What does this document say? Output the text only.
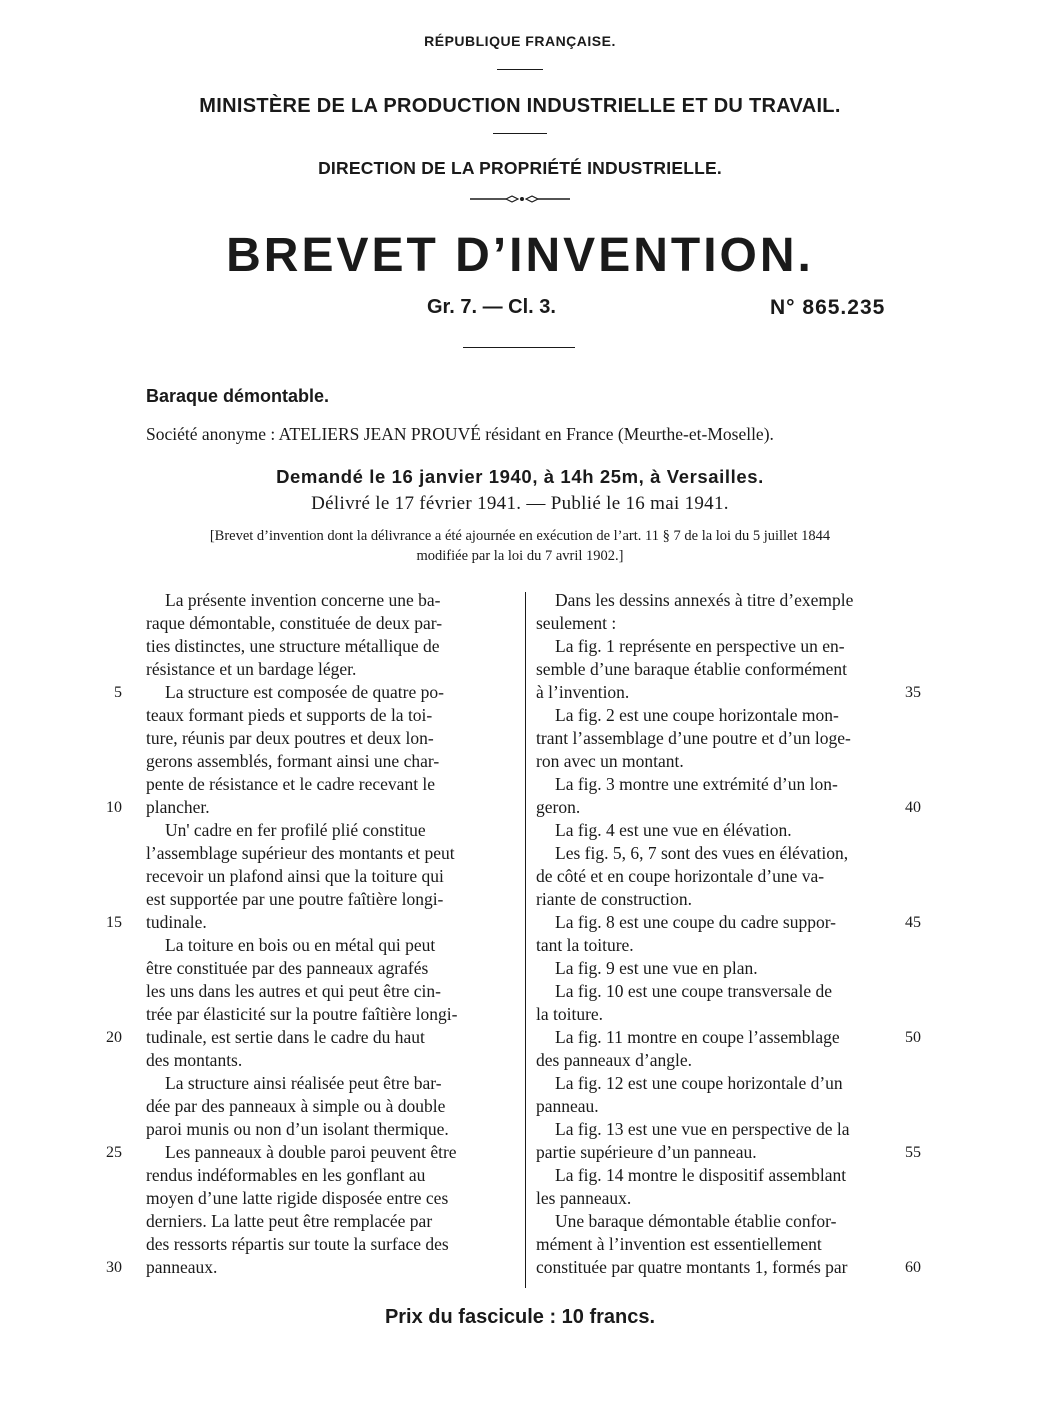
RÉPUBLIQUE FRANÇAISE.
MINISTÈRE DE LA PRODUCTION INDUSTRIELLE ET DU TRAVAIL.
DIRECTION DE LA PROPRIÉTÉ INDUSTRIELLE.
BREVET D’INVENTION.
Gr. 7. — Cl. 3.	N° 865.235
Baraque démontable.
Société anonyme : ATELIERS JEAN PROUVÉ résidant en France (Meurthe-et-Moselle).
Demandé le 16 janvier 1940, à 14h 25m, à Versailles.
Délivré le 17 février 1941. — Publié le 16 mai 1941.
[Brevet d’invention dont la délivrance a été ajournée en exécution de l’art. 11 § 7 de la loi du 5 juillet 1844
modifiée par la loi du 7 avril 1902.]
La présente invention concerne une ba-
raque démontable, constituée de deux par-
ties distinctes, une structure métallique de
résistance et un bardage léger.
La structure est composée de quatre po-
teaux formant pieds et supports de la toi-
ture, réunis par deux poutres et deux lon-
gerons assemblés, formant ainsi une char-
pente de résistance et le cadre recevant le
plancher.
Un' cadre en fer profilé plié constitue
l’assemblage supérieur des montants et peut
recevoir un plafond ainsi que la toiture qui
est supportée par une poutre faîtière longi-
tudinale.
La toiture en bois ou en métal qui peut
être constituée par des panneaux agrafés
les uns dans les autres et qui peut être cin-
trée par élasticité sur la poutre faîtière longi-
tudinale, est sertie dans le cadre du haut
des montants.
La structure ainsi réalisée peut être bar-
dée par des panneaux à simple ou à double
paroi munis ou non d’un isolant thermique.
Les panneaux à double paroi peuvent être
rendus indéformables en les gonflant au
moyen d’une latte rigide disposée entre ces
derniers. La latte peut être remplacée par
des ressorts répartis sur toute la surface des
panneaux.
5
10
15
20
25
30
Dans les dessins annexés à titre d’exemple
seulement :
La fig. 1 représente en perspective un en-
semble d’une baraque établie conformément
à l’invention.
La fig. 2 est une coupe horizontale mon-
trant l’assemblage d’une poutre et d’un loge-
ron avec un montant.
La fig. 3 montre une extrémité d’un lon-
geron.
La fig. 4 est une vue en élévation.
Les fig. 5, 6, 7 sont des vues en élévation,
de côté et en coupe horizontale d’une va-
riante de construction.
La fig. 8 est une coupe du cadre suppor-
tant la toiture.
La fig. 9 est une vue en plan.
La fig. 10 est une coupe transversale de
la toiture.
La fig. 11 montre en coupe l’assemblage
des panneaux d’angle.
La fig. 12 est une coupe horizontale d’un
panneau.
La fig. 13 est une vue en perspective de la
partie supérieure d’un panneau.
La fig. 14 montre le dispositif assemblant
les panneaux.
Une baraque démontable établie confor-
mément à l’invention est essentiellement
constituée par quatre montants 1, formés par
35
40
45
50
55
60
Prix du fascicule : 10 francs.
